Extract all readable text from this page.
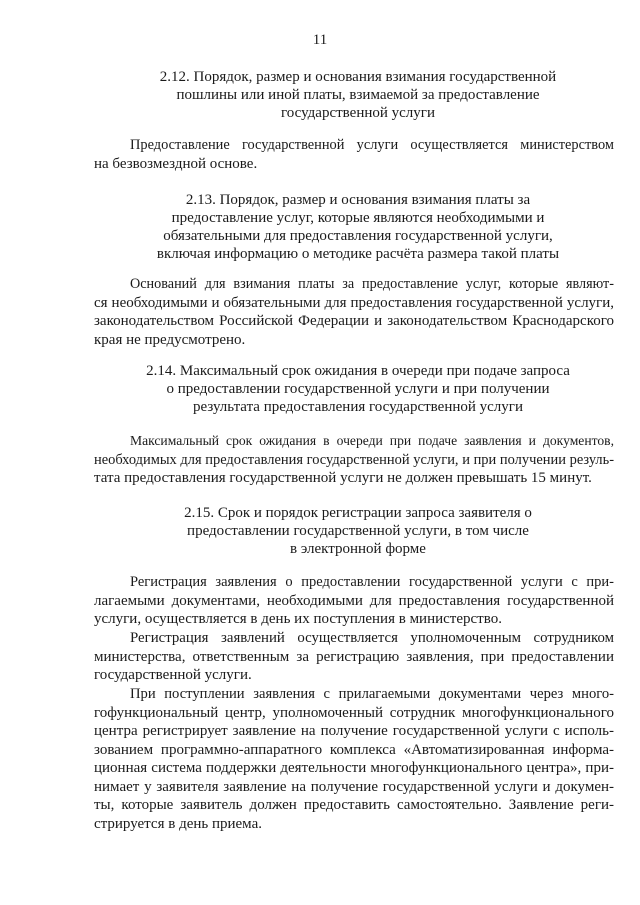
11
2.12. Порядок, размер и основания взимания государственной
пошлины или иной платы, взимаемой за предоставление
государственной услуги
Предоставление государственной услуги осуществляется министерством
на безвозмездной основе.
2.13. Порядок, размер и основания взимания платы за
предоставление услуг, которые являются необходимыми и
обязательными для предоставления государственной услуги,
включая информацию о методике расчёта размера такой платы
Оснований для взимания платы за предоставление услуг, которые являют-
ся необходимыми и обязательными для предоставления государственной услуги,
законодательством Российской Федерации и законодательством Краснодарского
края не предусмотрено.
2.14. Максимальный срок ожидания в очереди при подаче запроса
о предоставлении государственной услуги и при получении
результата предоставления государственной услуги
Максимальный срок ожидания в очереди при подаче заявления и документов,
необходимых для предоставления государственной услуги, и при получении резуль-
тата предоставления государственной услуги не должен превышать 15 минут.
2.15. Срок и порядок регистрации запроса заявителя о
предоставлении государственной услуги, в том числе
в электронной форме
Регистрация заявления о предоставлении государственной услуги с при-
лагаемыми документами, необходимыми для предоставления государственной
услуги, осуществляется в день их поступления в министерство.
Регистрация заявлений осуществляется уполномоченным сотрудником
министерства, ответственным за регистрацию заявления, при предоставлении
государственной услуги.
При поступлении заявления с прилагаемыми документами через много-
гофункциональный центр, уполномоченный сотрудник многофункционального
центра регистрирует заявление на получение государственной услуги с исполь-
зованием программно-аппаратного комплекса «Автоматизированная информа-
ционная система поддержки деятельности многофункционального центра», при-
нимает у заявителя заявление на получение государственной услуги и докумен-
ты, которые заявитель должен предоставить самостоятельно. Заявление реги-
стрируется в день приема.
